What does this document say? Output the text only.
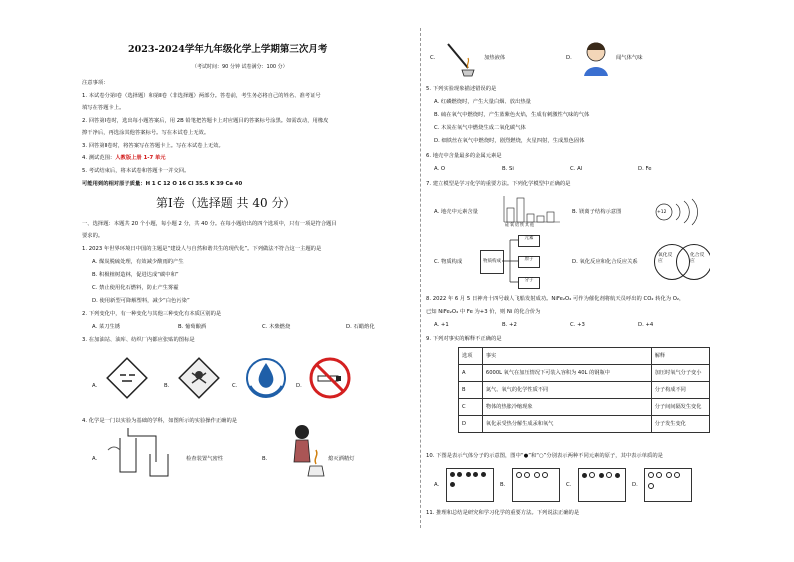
2023-2024学年九年级化学上学期第三次月考
（考试时间：90 分钟 试卷满分：100 分）
注意事项：
1. 本试卷分第Ⅰ卷（选择题）和第Ⅱ卷（非选择题）两部分。答卷前，考生务必将自己的姓名、准考证号
填写在答题卡上。
2. 回答第Ⅰ卷时，选出每小题答案后，用 2B 铅笔把答题卡上对应题目的答案标号涂黑。如需改动，用橡皮
擦干净后，再选涂其他答案标号。写在本试卷上无效。
3. 回答第Ⅱ卷时，将答案写在答题卡上。写在本试卷上无效。
4. 测试范围：人教版上册 1-7 单元
5. 考试结束后，将本试卷和答题卡一并交回。
可能用到的相对原子质量：H 1 C 12 O 16 Cl 35.5 K 39 Ca 40
第Ⅰ卷（选择题 共 40 分）
一、选择题：本题共 20 个小题，每小题 2 分，共 40 分。在每小题给出的四个选项中，只有一项是符合题目
要求的。
1. 2023 年世界环境日中国的主题是“建设人与自然和谐共生的现代化”。下列做法不符合这一主题的是
A. 煤炭脱硫处理，有效减少酸雨的产生
B. 积极植树造林，促进达成“碳中和”
C. 禁止使用化石燃料，防止产生雾霾
D. 使用新型可降解塑料，减少“白色污染”
2. 下列变化中，有一种变化与其他三种变化有本质区别的是
A. 菜刀生锈	B. 葡萄酿酒	C. 木柴燃烧	D. 石蜡熔化
3. 在加油站、油库、纺织厂内都应张贴的图标是
A.	B.	C.	D.
4. 化学是一门以实验为基础的学科，如图所示的实验操作正确的是
A.	检查装置气密性	B.	熄灭酒精灯
C.	加热液体	D.	闻气体气味
5. 下列实验现象描述错误的是
A. 红磷燃烧时，产生大量白烟、放出热量
B. 硫在氧气中燃烧时，产生蓝紫色火焰，生成有刺激性气味的气体
C. 木炭在氧气中燃烧生成二氧化碳气体
D. 细铁丝在氧气中燃烧时，剧烈燃烧，火星四射，生成黑色固体
6. 地壳中含量最多的金属元素是
A. O	B. Si	C. Al	D. Fe
7. 建立模型是学习化学的重要方法。下列化学模型中正确的是
A. 地壳中元素含量
硅氧铝铁其他
B. 镁离子结构示意图	+12
C. 物质构成	物质构成
元素
原子
分子
D. 氧化反应和化合反应关系
氧化反应
化合反应
8. 2022 年 6 月 5 日神舟十四号载人飞船发射成功。NiFe₂O₄ 可作为催化剂将航天员呼出的 CO₂ 转化为 O₂，
已知 NiFe₂O₄ 中 Fe 为+3 价，则 Ni 的化合价为
A. +1	B. +2	C. +3	D. +4
9. 下列对事实的解释不正确的是
选项	事实	解释
A	6000L 氧气在加压情况下可装入容积为 40L 的钢瓶中	加压时氧气分子变小
B	氮气、氧气的化学性质不同	分子构成不同
C	物体的热胀冷缩现象	分子间间隔发生变化
D	氧化汞受热分解生成汞和氧气	分子发生变化
10. 下图是表示气体分子的示意图，图中“●”和“○”分别表示两种不同元素的原子，其中表示单质的是
A.
	B.
	C.
	D.

11. 推理和总结是研究和学习化学的重要方法。下列说法正确的是
